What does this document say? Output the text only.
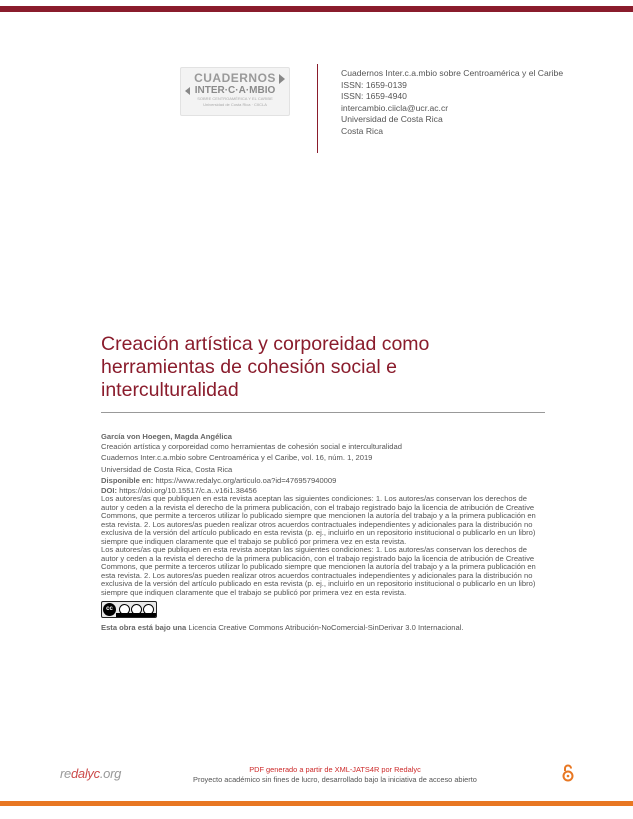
CUADERNOS
INTER·C·A·MBIO
SOBRE CENTROAMÉRICA Y EL CARIBE
Universidad de Costa Rica · CIICLA
Cuadernos Inter.c.a.mbio sobre Centroamérica y el Caribe
ISSN: 1659-0139
ISSN: 1659-4940
intercambio.ciicla@ucr.ac.cr
Universidad de Costa Rica
Costa Rica
Creación artística y corporeidad como herramientas de cohesión social e interculturalidad
García von Hoegen, Magda Angélica
Creación artística y corporeidad como herramientas de cohesión social e interculturalidad
Cuadernos Inter.c.a.mbio sobre Centroamérica y el Caribe, vol. 16, núm. 1, 2019
Universidad de Costa Rica, Costa Rica
Disponible en: https://www.redalyc.org/articulo.oa?id=476957940009
DOI: https://doi.org/10.15517/c.a..v16i1.38456
Los autores/as que publiquen en esta revista aceptan las siguientes condiciones: 1. Los autores/as conservan los derechos de autor y ceden a la revista el derecho de la primera publicación, con el trabajo registrado bajo la licencia de atribución de Creative Commons, que permite a terceros utilizar lo publicado siempre que mencionen la autoría del trabajo y a la primera publicación en esta revista. 2. Los autores/as pueden realizar otros acuerdos contractuales independientes y adicionales para la distribución no exclusiva de la versión del artículo publicado en esta revista (p. ej., incluirlo en un repositorio institucional o publicarlo en un libro) siempre que indiquen claramente que el trabajo se publicó por primera vez en esta revista.
Los autores/as que publiquen en esta revista aceptan las siguientes condiciones: 1. Los autores/as conservan los derechos de autor y ceden a la revista el derecho de la primera publicación, con el trabajo registrado bajo la licencia de atribución de Creative Commons, que permite a terceros utilizar lo publicado siempre que mencionen la autoría del trabajo y a la primera publicación en esta revista. 2. Los autores/as pueden realizar otros acuerdos contractuales independientes y adicionales para la distribución no exclusiva de la versión del artículo publicado en esta revista (p. ej., incluirlo en un repositorio institucional o publicarlo en un libro) siempre que indiquen claramente que el trabajo se publicó por primera vez en esta revista.
cc
Esta obra está bajo una Licencia Creative Commons Atribución-NoComercial-SinDerivar 3.0 Internacional.
redalyc.org	PDF generado a partir de XML-JATS4R por Redalyc
Proyecto académico sin fines de lucro, desarrollado bajo la iniciativa de acceso abierto
